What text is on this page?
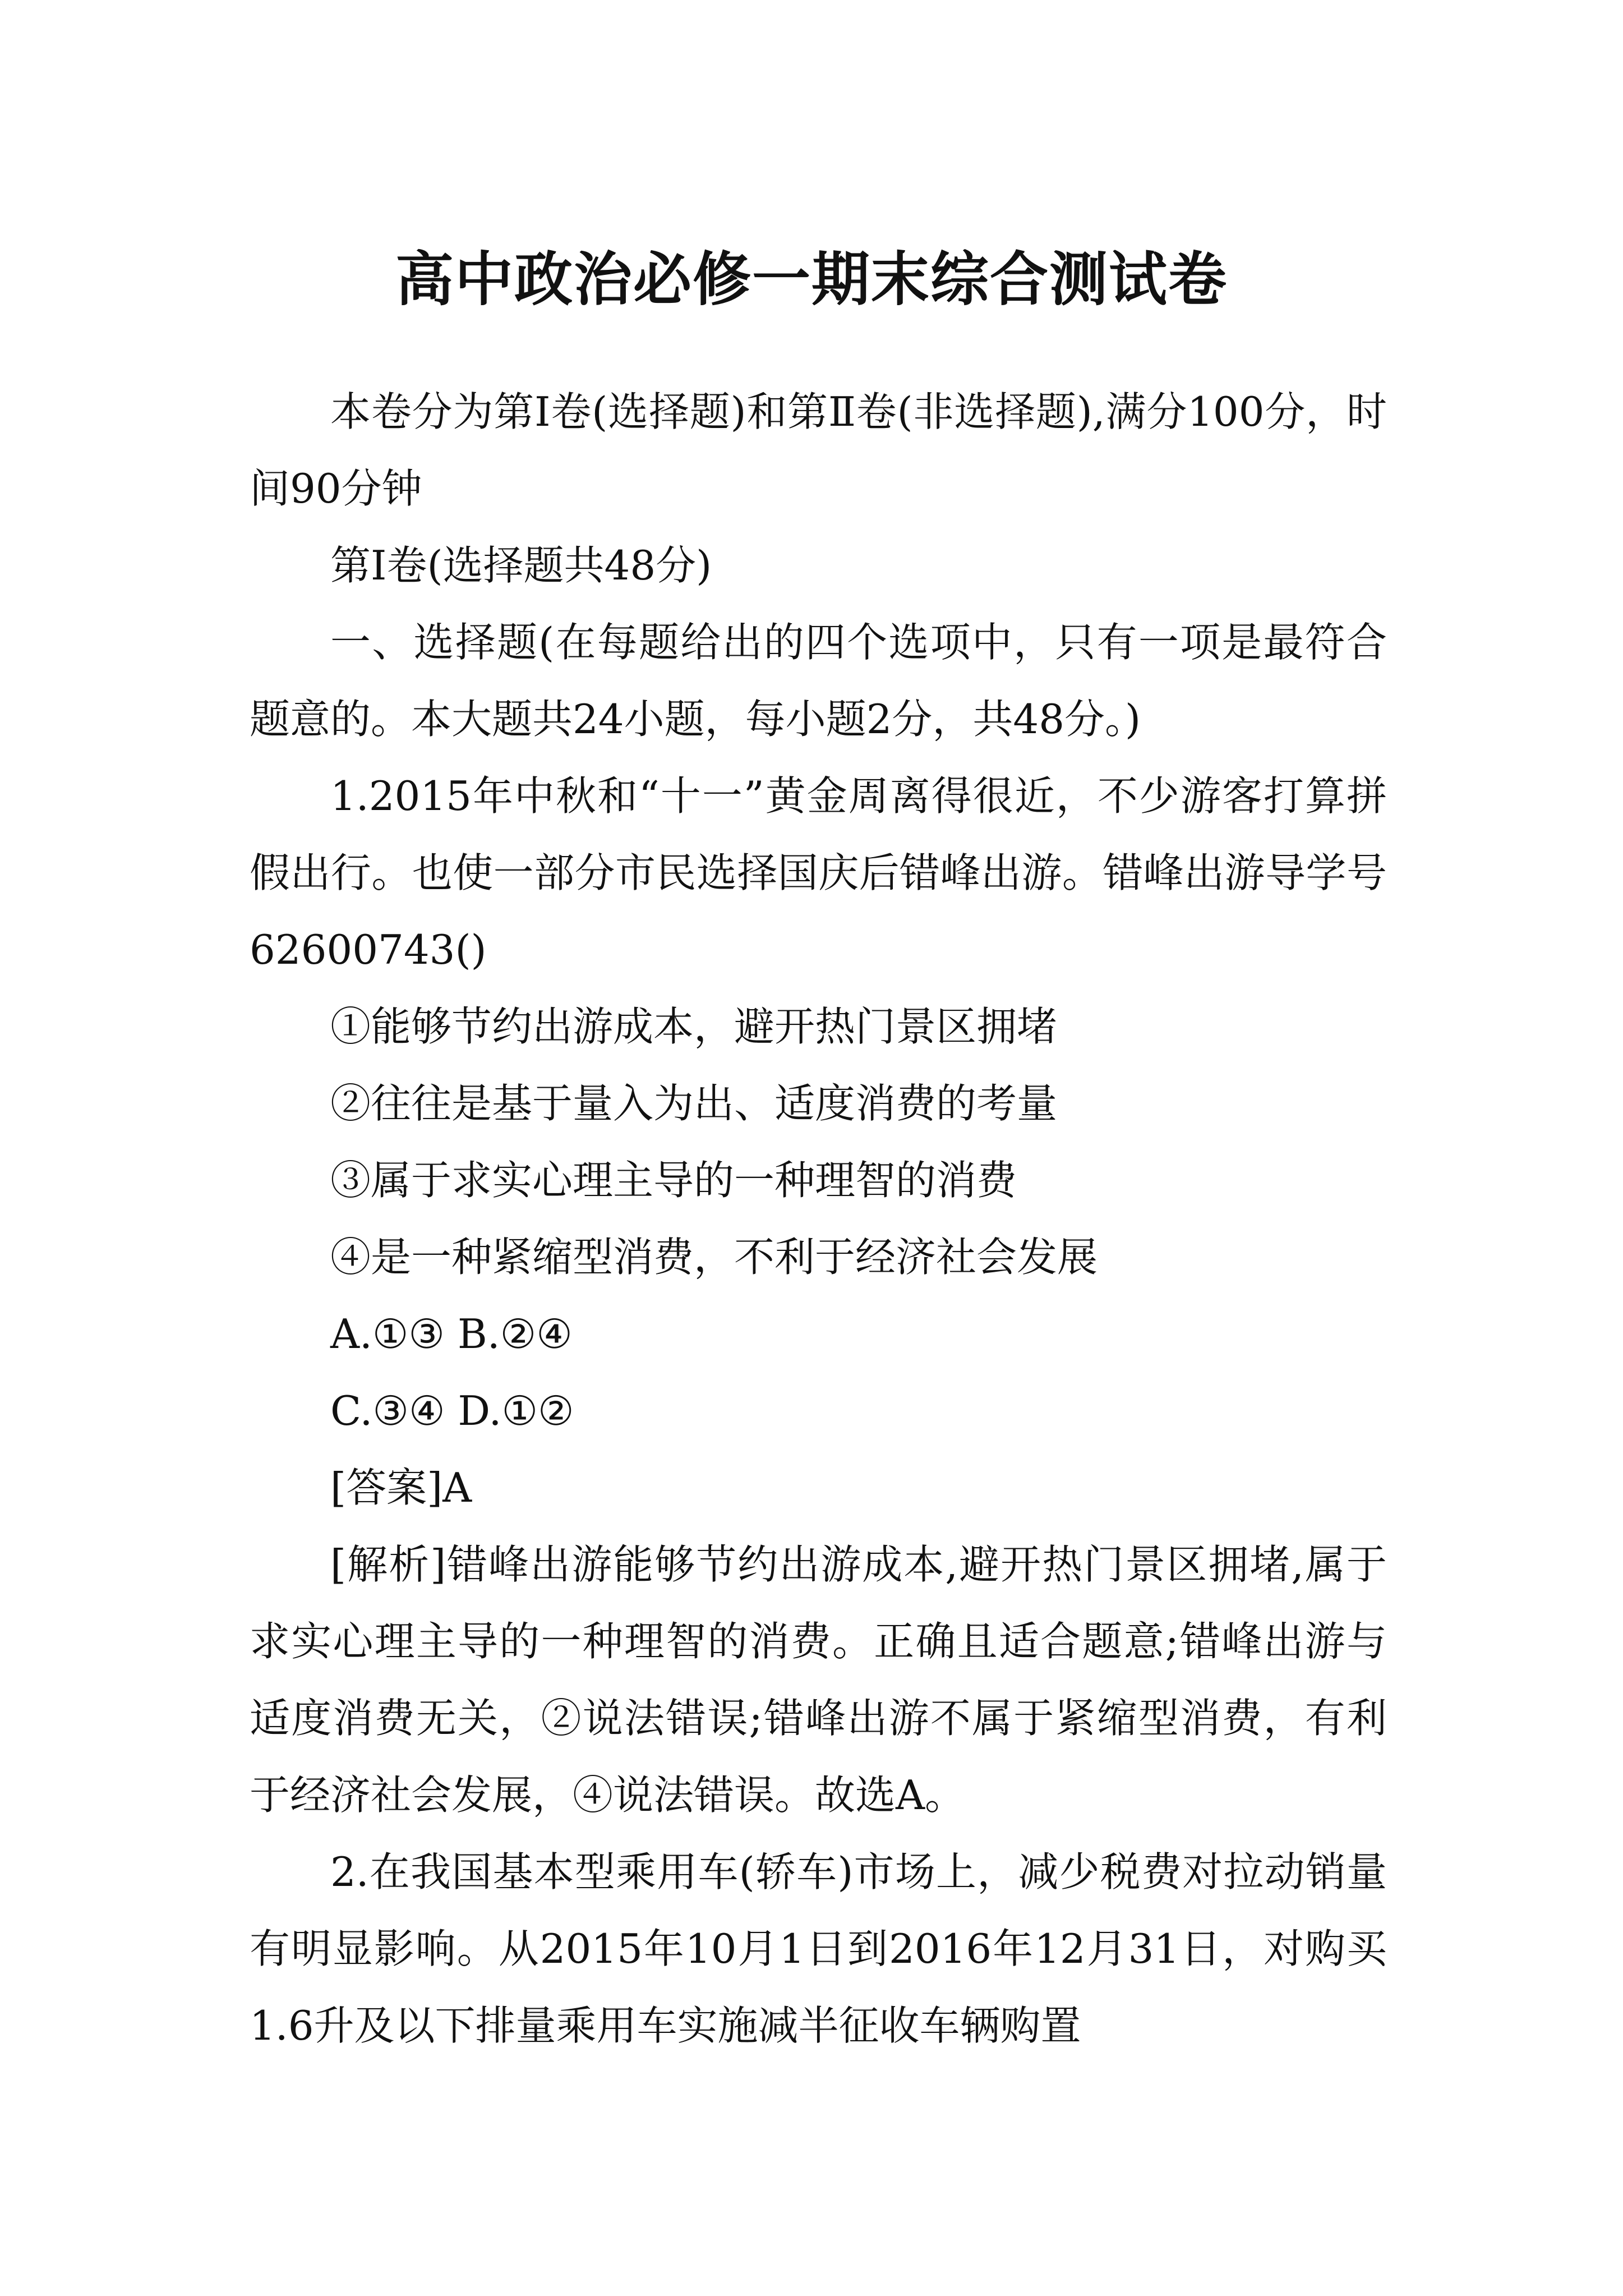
高中政治必修一期末综合测试卷

本卷分为第Ⅰ卷(选择题)和第Ⅱ卷(非选择题),满分100分，时间90分钟

第Ⅰ卷(选择题共48分)

一、选择题(在每题给出的四个选项中，只有一项是最符合题意的。本大题共24小题，每小题2分，共48分。)

1.2015年中秋和“十一”黄金周离得很近，不少游客打算拼假出行。也使一部分市民选择国庆后错峰出游。错峰出游导学号 62600743()

①能够节约出游成本，避开热门景区拥堵

②往往是基于量入为出、适度消费的考量

③属于求实心理主导的一种理智的消费

④是一种紧缩型消费，不利于经济社会发展

A.①③ B.②④

C.③④ D.①②

[答案]A

[解析]错峰出游能够节约出游成本,避开热门景区拥堵,属于求实心理主导的一种理智的消费。正确且适合题意;错峰出游与适度消费无关，②说法错误;错峰出游不属于紧缩型消费，有利于经济社会发展，④说法错误。故选A。

2.在我国基本型乘用车(轿车)市场上，减少税费对拉动销量有明显影响。从2015年10月1日到2016年12月31日，对购买1.6升及以下排量乘用车实施减半征收车辆购置
